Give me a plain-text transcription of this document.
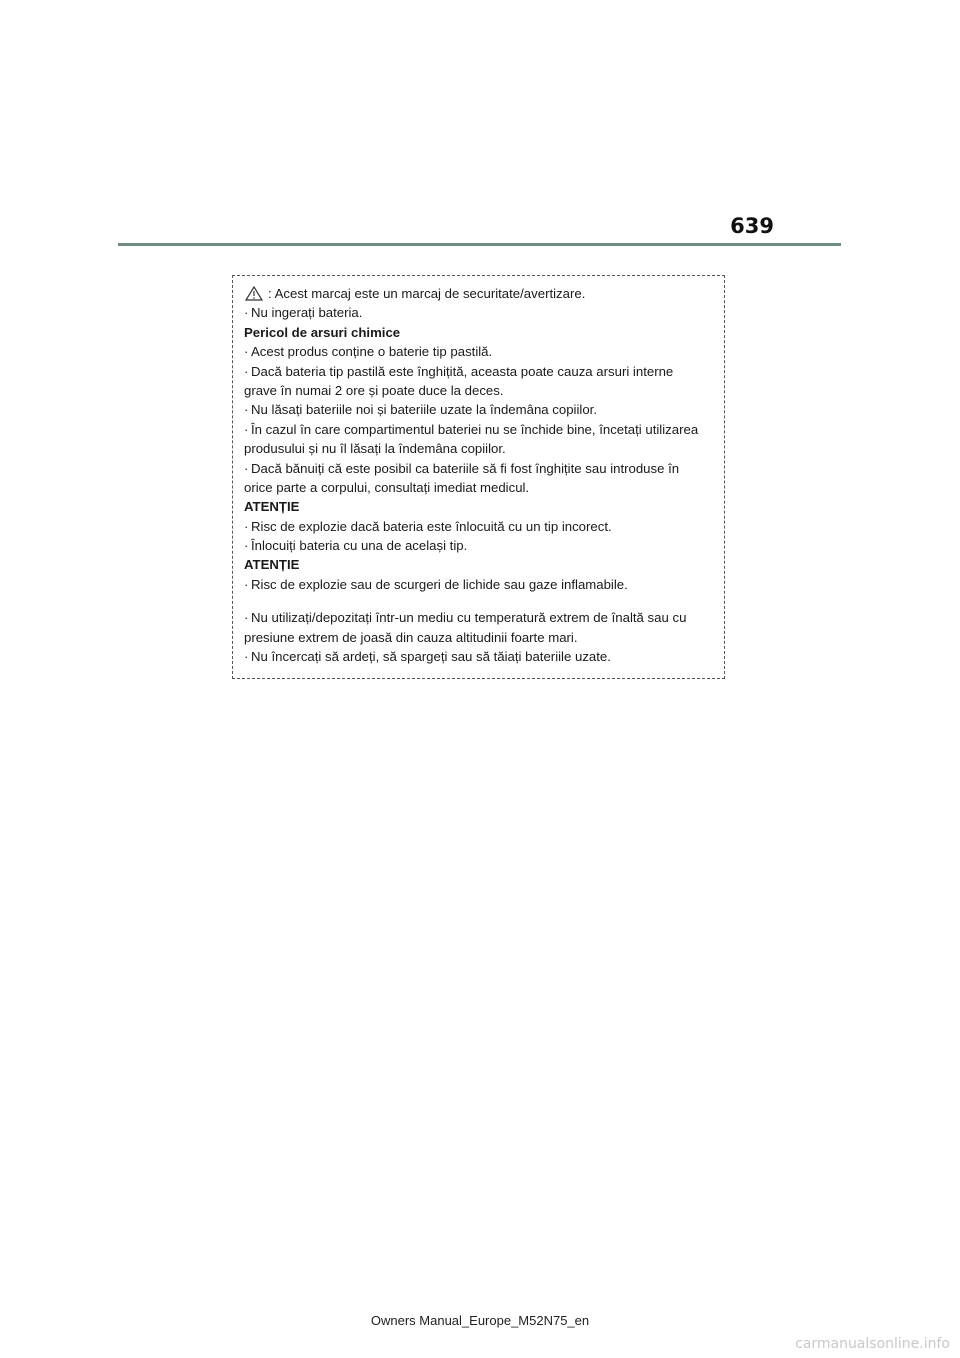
639
: Acest marcaj este un marcaj de securitate/avertizare.
· Nu ingerați bateria.
Pericol de arsuri chimice
· Acest produs conține o baterie tip pastilă.
· Dacă bateria tip pastilă este înghițită, aceasta poate cauza arsuri interne
grave în numai 2 ore și poate duce la deces.
· Nu lăsați bateriile noi și bateriile uzate la îndemâna copiilor.
· În cazul în care compartimentul bateriei nu se închide bine, încetați utilizarea
produsului și nu îl lăsați la îndemâna copiilor.
· Dacă bănuiți că este posibil ca bateriile să fi fost înghițite sau introduse în
orice parte a corpului, consultați imediat medicul.
ATENȚIE
· Risc de explozie dacă bateria este înlocuită cu un tip incorect.
· Înlocuiți bateria cu una de același tip.
ATENȚIE
· Risc de explozie sau de scurgeri de lichide sau gaze inflamabile.
· Nu utilizați/depozitați într-un mediu cu temperatură extrem de înaltă sau cu
presiune extrem de joasă din cauza altitudinii foarte mari.
· Nu încercați să ardeți, să spargeți sau să tăiați bateriile uzate.
Owners Manual_Europe_M52N75_en
carmanualsonline.info
